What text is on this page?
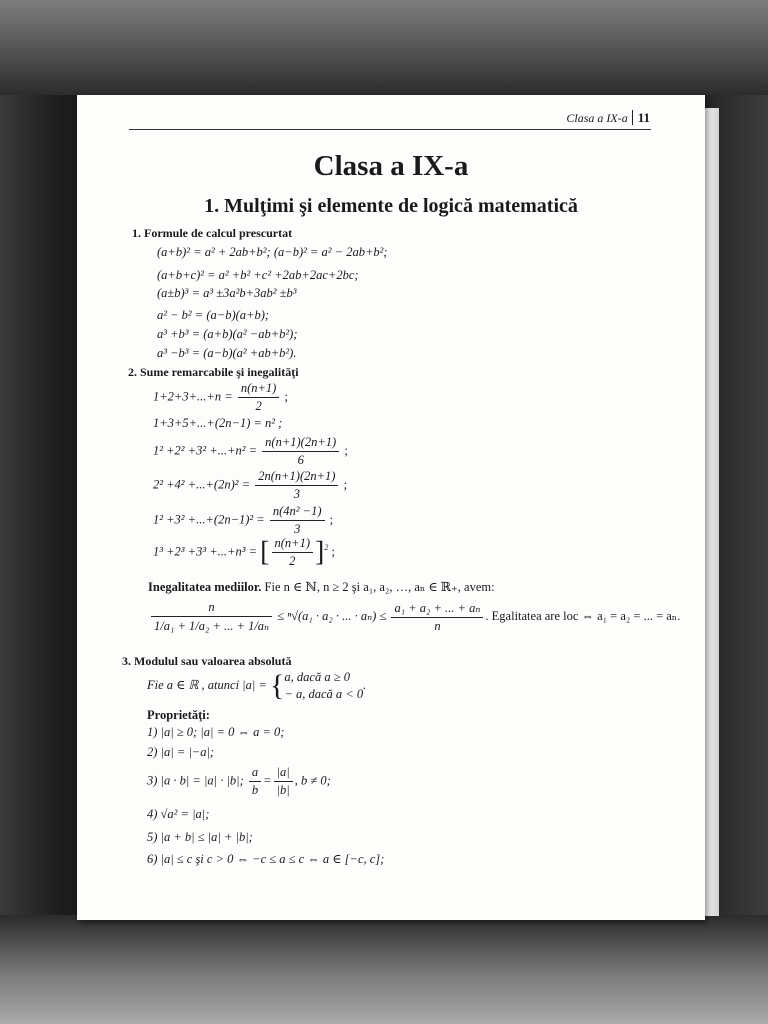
Clasa a IX-a 11
Clasa a IX-a
1. Mulţimi şi elemente de logică matematică
1. Formule de calcul prescurtat
(a+b)² = a² + 2ab+b²; (a−b)² = a² − 2ab+b²;
(a+b+c)² = a² +b² +c² +2ab+2ac+2bc;
(a±b)³ = a³ ±3a²b+3ab² ±b³
a² − b² = (a−b)(a+b);
a³ +b³ = (a+b)(a² −ab+b²);
a³ −b³ = (a−b)(a² +ab+b²).
2. Sume remarcabile şi inegalităţi
$1+2+3+...+n = \frac{n(n+1)}{2}$ ;
1+3+5+...+(2n−1) = n² ;
$1^2 +2^2 +3^2 +...+n^2 = \frac{n(n+1)(2n+1)}{6}$ ;
$2^2 +4^2 +...+(2n)^2 = \frac{2n(n+1)(2n+1)}{3}$ ;
$1^2 +3^2 +...+(2n-1)^2 = \frac{\text{n(4n² −1)}}{3}$ ;
1³ +2³ +3³ +...+n³ = [ $\frac{n(n+1)}{2} ]^2$ ;
Inegalitatea mediilor. Fie n ∈ ℕ, n ≥ 2 şi a₁, a₂, …, aₙ ∈ ℝ₊, avem:
$\frac{n}{\text{1/a₁ + 1/a₂ + ... + 1/aₙ}} \le ^n√(a_1 \cdot a_2$ · ... · $a_n) \le \frac{\text{a₁ + a₂ + ... + aₙ}}{n}$ . Egalitatea are loc ⇔ a₁ = a₂ = ... = aₙ.
3. Modulul sau valoarea absolută
Fie a ∈ ℝ , atunci |a| = { a, dacă a ≥ 0
− a, dacă a < 0
.
Proprietăţi:
1) |a| ≥ 0; |a| = 0 ⇔ a = 0;
2) |a| = |−a|;
3) |a · b| = |a| · |b|; $\frac{a}{b} = \frac{|a|}{|b|}$ , b ≠ 0;
4) √a² = |a|;
5) |a + b| ≤ |a| + |b|;
6) |a| ≤ c şi c > 0 ⇔ −c ≤ a ≤ c ⇔ a ∈ [−c, c];
